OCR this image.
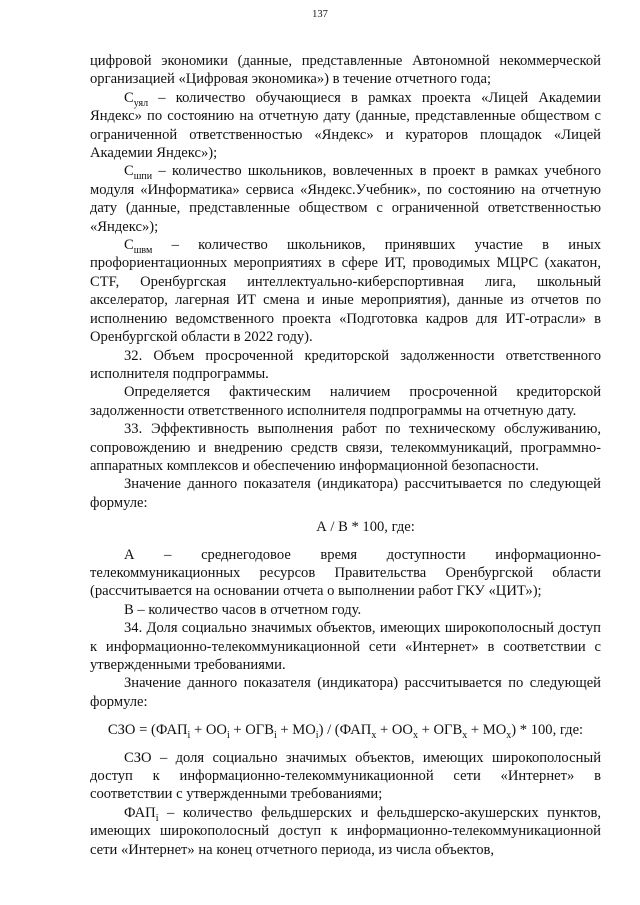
137

цифровой экономики (данные, представленные Автономной некоммерческой организацией «Цифровая экономика») в течение отчетного года;

$С_{уял}$ – количество обучающиеся в рамках проекта «Лицей Академии Яндекс» по состоянию на отчетную дату (данные, представленные обществом с ограниченной ответственностью «Яндекс» и кураторов площадок «Лицей Академии Яндекс»);

$С_{шпи}$ – количество школьников, вовлеченных в проект в рамках учебного модуля «Информатика» сервиса «Яндекс.Учебник», по состоянию на отчетную дату (данные, представленные обществом с ограниченной ответственностью «Яндекс»);

$С_{швм}$ – количество школьников, принявших участие в иных профориентационных мероприятиях в сфере ИТ, проводимых МЦРС (хакатон, CTF, Оренбургская интеллектуально-киберспортивная лига, школьный акселератор, лагерная ИТ смена и иные мероприятия), данные из отчетов по исполнению ведомственного проекта «Подготовка кадров для ИТ-отрасли» в Оренбургской области в 2022 году).

32. Объем просроченной кредиторской задолженности ответственного исполнителя подпрограммы.

Определяется фактическим наличием просроченной кредиторской задолженности ответственного исполнителя подпрограммы на отчетную дату.

33. Эффективность выполнения работ по техническому обслуживанию, сопровождению и внедрению средств связи, телекоммуникаций, программно-аппаратных комплексов и обеспечению информационной безопасности.

Значение данного показателя (индикатора) рассчитывается по следующей формуле:

А / В * 100, где:

А – среднегодовое время доступности информационно-телекоммуникационных ресурсов Правительства Оренбургской области (рассчитывается на основании отчета о выполнении работ ГКУ «ЦИТ»);

В – количество часов в отчетном году.

34. Доля социально значимых объектов, имеющих широкополосный доступ к информационно-телекоммуникационной сети «Интернет» в соответствии с утвержденными требованиями.

Значение данного показателя (индикатора) рассчитывается по следующей формуле:

СЗО = $(ФАП_i + ОО_i + ОГВ_i + МО_i) / (ФАП_x + ОО_x + ОГВ_x + МО_x) * 100$, где:

СЗО – доля социально значимых объектов, имеющих широкополосный доступ к информационно-телекоммуникационной сети «Интернет» в соответствии с утвержденными требованиями;

$ФАП_i$ – количество фельдшерских и фельдшерско-акушерских пунктов, имеющих широкополосный доступ к информационно-телекоммуникационной сети «Интернет» на конец отчетного периода, из числа объектов,
